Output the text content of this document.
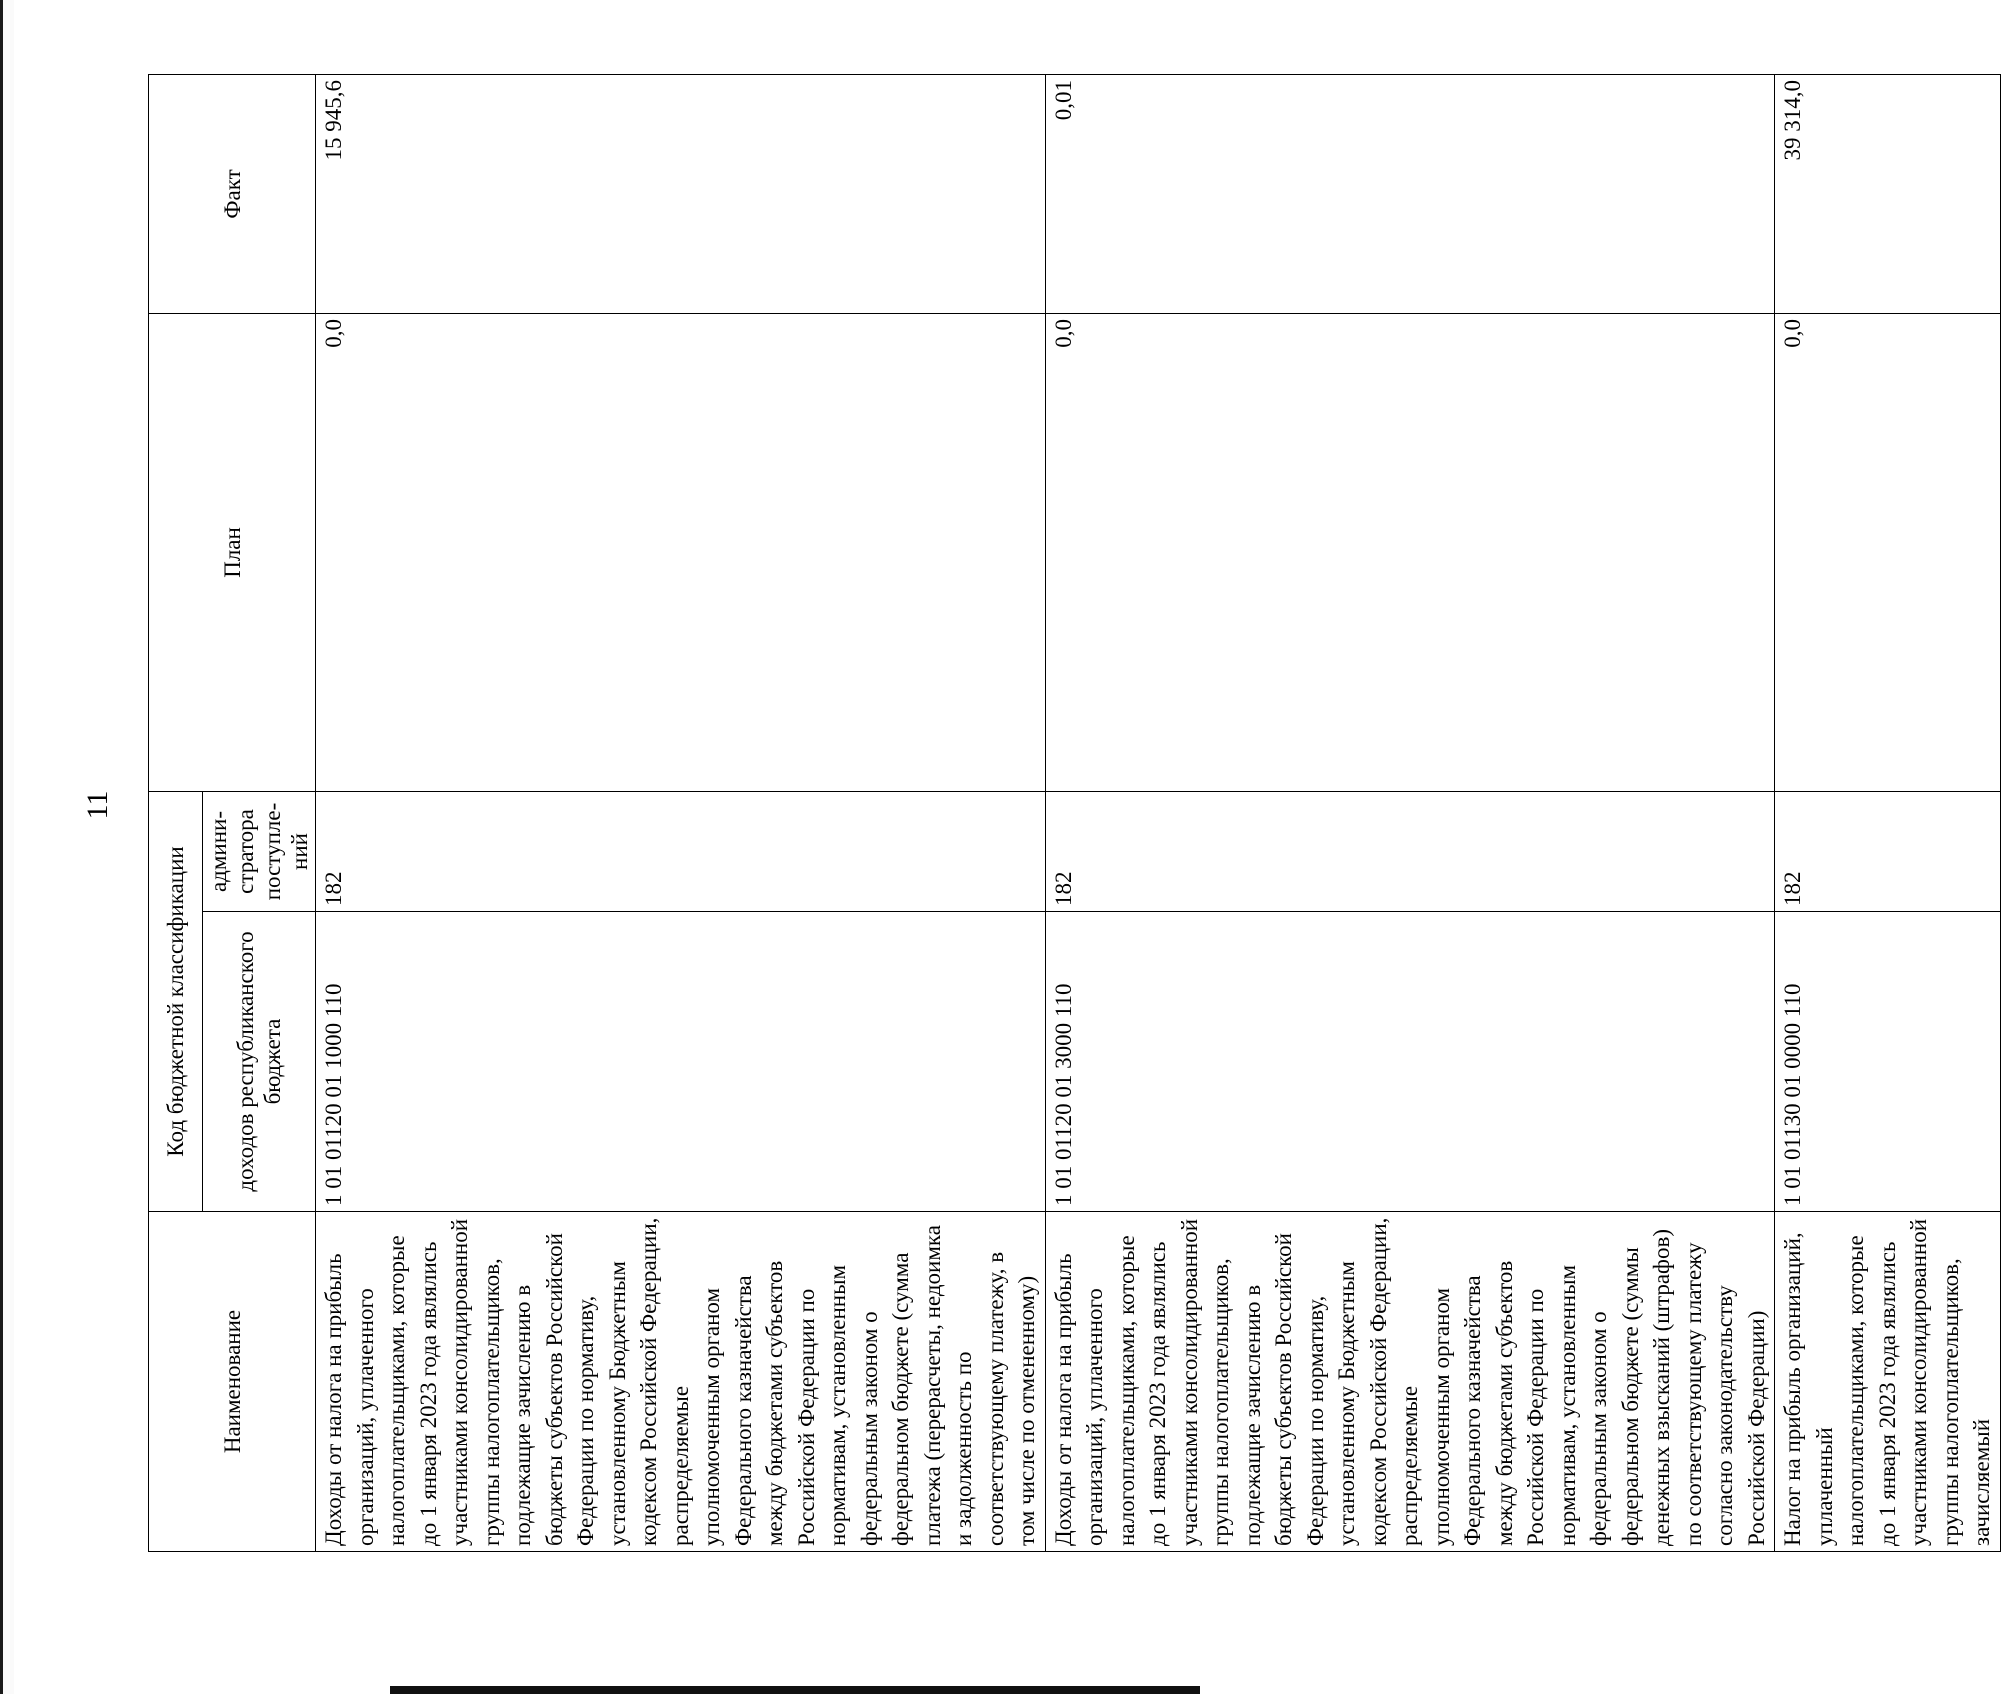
11
Наименование	Код бюджетной классификации		План	Факт
	доходов республиканского бюджета	админи-стратора поступле-ний		
Доходы от налога на прибыль организаций, уплаченного налогоплательщиками, которые до 1 января 2023 года являлись участниками консолидированной группы налогоплательщиков, подлежащие зачислению в бюджеты субъектов Российской Федерации по нормативу, установленному Бюджетным кодексом Российской Федерации, распределяемые уполномоченным органом Федерального казначейства между бюджетами субъектов Российской Федерации по нормативам, установленным федеральным законом о федеральном бюджете (сумма платежа (перерасчеты, недоимка и задолженность по соответствующему платежу, в том числе по отмененному)	1 01 01120 01 1000 110	182	0,0	15 945,6
Доходы от налога на прибыль организаций, уплаченного налогоплательщиками, которые до 1 января 2023 года являлись участниками консолидированной группы налогоплательщиков, подлежащие зачислению в бюджеты субъектов Российской Федерации по нормативу, установленному Бюджетным кодексом Российской Федерации, распределяемые уполномоченным органом Федерального казначейства между бюджетами субъектов Российской Федерации по нормативам, установленным федеральным законом о федеральном бюджете (суммы денежных взысканий (штрафов) по соответствующему платежу согласно законодательству Российской Федерации)	1 01 01120 01 3000 110	182	0,0	0,01
Налог на прибыль организаций, уплаченный налогоплательщиками, которые до 1 января 2023 года являлись участниками консолидированной группы налогоплательщиков, зачисляемый	1 01 01130 01 0000 110	182	0,0	39 314,0
